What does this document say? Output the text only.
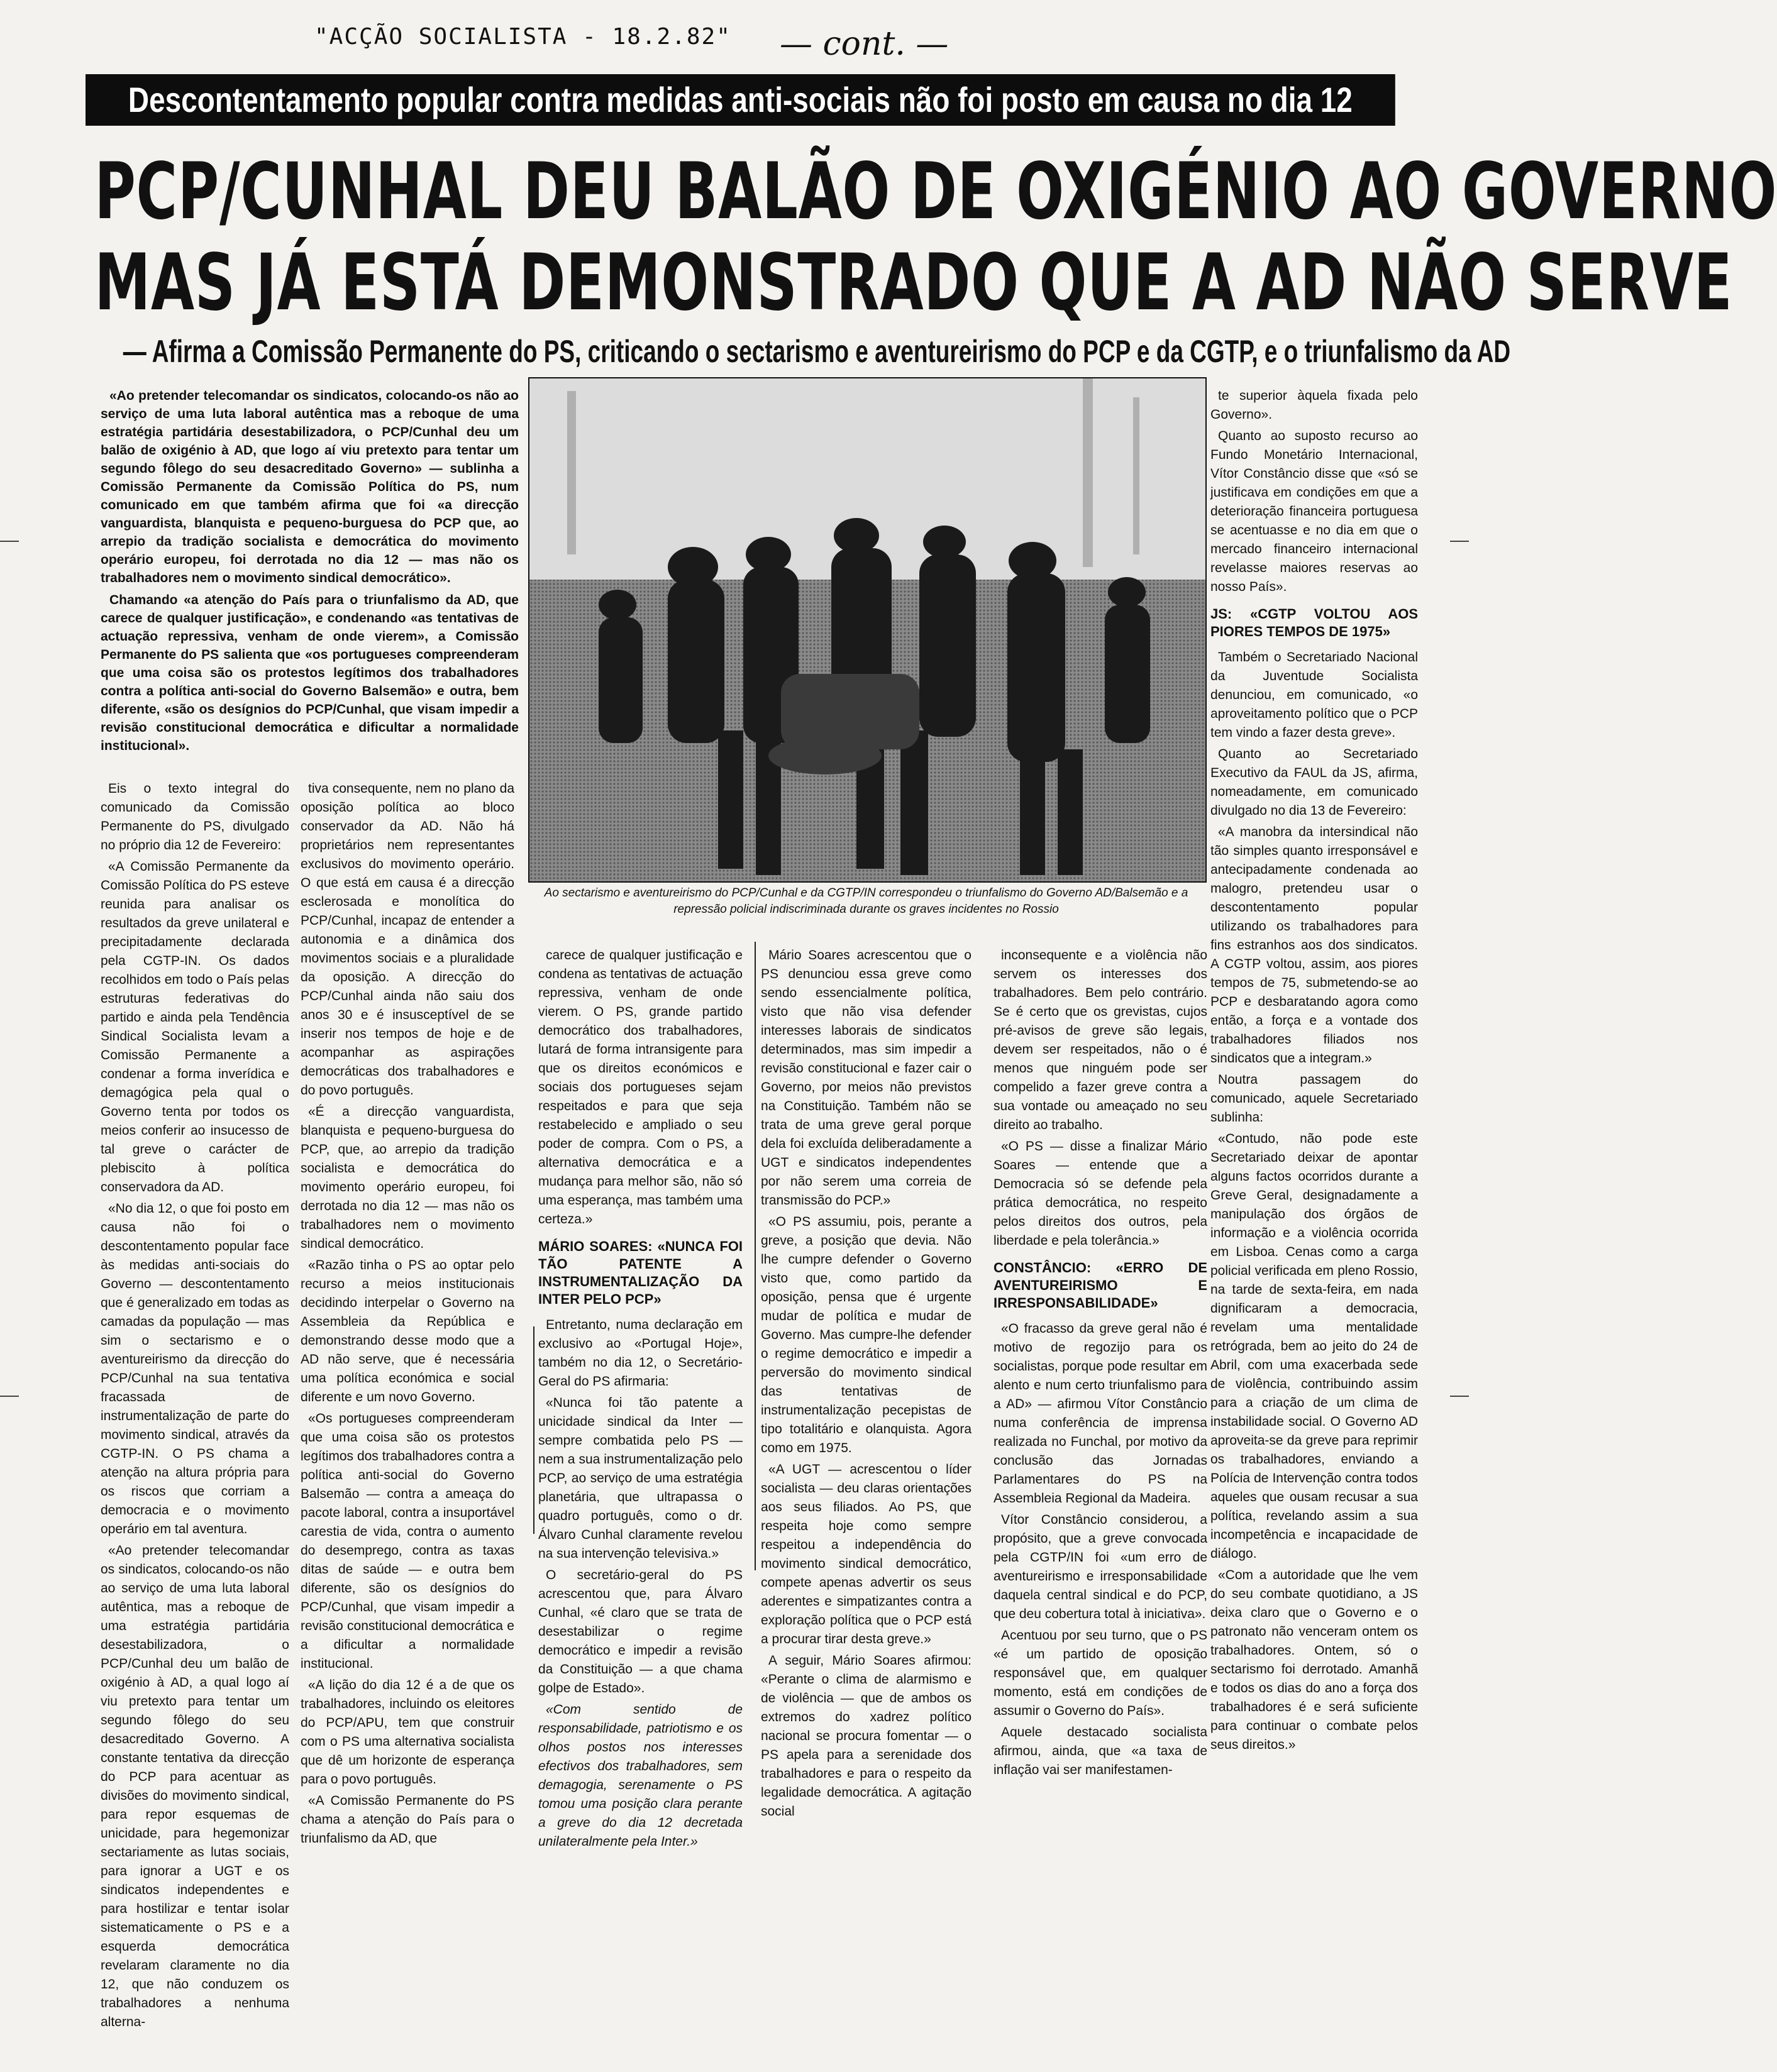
"ACÇÃO SOCIALISTA - 18.2.82" — cont. —
Descontentamento popular contra medidas anti-sociais não foi posto em causa no dia 12
PCP/CUNHAL DEU BALÃO DE OXIGÉNIO AO GOVERNO
MAS JÁ ESTÁ DEMONSTRADO QUE A AD NÃO SERVE
— Afirma a Comissão Permanente do PS, criticando o sectarismo e aventureirismo do PCP e da CGTP, e o triunfalismo da AD

«Ao pretender telecomandar os sindicatos, colocando-os não ao serviço de uma luta laboral autêntica mas a reboque de uma estratégia partidária desestabilizadora, o PCP/Cunhal deu um balão de oxigénio à AD, que logo aí viu pretexto para tentar um segundo fôlego do seu desacreditado Governo» — sublinha a Comissão Permanente da Comissão Política do PS, num comunicado em que também afirma que foi «a direcção vanguardista, blanquista e pequeno-burguesa do PCP que, ao arrepio da tradição socialista e democrática do movimento operário europeu, foi derrotada no dia 12 — mas não os trabalhadores nem o movimento sindical democrático».

Chamando «a atenção do País para o triunfalismo da AD, que carece de qualquer justificação», e condenando «as tentativas de actuação repressiva, venham de onde vierem», a Comissão Permanente do PS salienta que «os portugueses compreenderam que uma coisa são os protestos legítimos dos trabalhadores contra a política anti-social do Governo Balsemão» e outra, bem diferente, «são os desígnios do PCP/Cunhal, que visam impedir a revisão constitucional democrática e dificultar a normalidade institucional».

Ao sectarismo e aventureirismo do PCP/Cunhal e da CGTP/IN correspondeu o triunfalismo do Governo AD/Balsemão e a repressão policial indiscriminada durante os graves incidentes no Rossio

Eis o texto integral do comunicado da Comissão Permanente do PS, divulgado no próprio dia 12 de Fevereiro:

«A Comissão Permanente da Comissão Política do PS esteve reunida para analisar os resultados da greve unilateral e precipitadamente declarada pela CGTP-IN. Os dados recolhidos em todo o País pelas estruturas federativas do partido e ainda pela Tendência Sindical Socialista levam a Comissão Permanente a condenar a forma inverídica e demagógica pela qual o Governo tenta por todos os meios conferir ao insucesso de tal greve o carácter de plebiscito à política conservadora da AD.

«No dia 12, o que foi posto em causa não foi o descontentamento popular face às medidas anti-sociais do Governo — descontentamento que é generalizado em todas as camadas da população — mas sim o sectarismo e o aventureirismo da direcção do PCP/Cunhal na sua tentativa fracassada de instrumentalização de parte do movimento sindical, através da CGTP-IN. O PS chama a atenção na altura própria para os riscos que corriam a democracia e o movimento operário em tal aventura.

«Ao pretender telecomandar os sindicatos, colocando-os não ao serviço de uma luta laboral autêntica, mas a reboque de uma estratégia partidária desestabilizadora, o PCP/Cunhal deu um balão de oxigénio à AD, a qual logo aí viu pretexto para tentar um segundo fôlego do seu desacreditado Governo. A constante tentativa da direcção do PCP para acentuar as divisões do movimento sindical, para repor esquemas de unicidade, para hegemonizar sectariamente as lutas sociais, para ignorar a UGT e os sindicatos independentes e para hostilizar e tentar isolar sistematicamente o PS e a esquerda democrática revelaram claramente no dia 12, que não conduzem os trabalhadores a nenhuma alterna-

tiva consequente, nem no plano da oposição política ao bloco conservador da AD. Não há proprietários nem representantes exclusivos do movimento operário. O que está em causa é a direcção esclerosada e monolítica do PCP/Cunhal, incapaz de entender a autonomia e a dinâmica dos movimentos sociais e a pluralidade da oposição. A direcção do PCP/Cunhal ainda não saiu dos anos 30 e é insusceptível de se inserir nos tempos de hoje e de acompanhar as aspirações democráticas dos trabalhadores e do povo português.

«É a direcção vanguardista, blanquista e pequeno-burguesa do PCP, que, ao arrepio da tradição socialista e democrática do movimento operário europeu, foi derrotada no dia 12 — mas não os trabalhadores nem o movimento sindical democrático.

«Razão tinha o PS ao optar pelo recurso a meios institucionais decidindo interpelar o Governo na Assembleia da República e demonstrando desse modo que a AD não serve, que é necessária uma política económica e social diferente e um novo Governo.

«Os portugueses compreenderam que uma coisa são os protestos legítimos dos trabalhadores contra a política anti-social do Governo Balsemão — contra a ameaça do pacote laboral, contra a insuportável carestia de vida, contra o aumento do desemprego, contra as taxas ditas de saúde — e outra bem diferente, são os desígnios do PCP/Cunhal, que visam impedir a revisão constitucional democrática e a dificultar a normalidade institucional.

«A lição do dia 12 é a de que os trabalhadores, incluindo os eleitores do PCP/APU, tem que construir com o PS uma alternativa socialista que dê um horizonte de esperança para o povo português.

«A Comissão Permanente do PS chama a atenção do País para o triunfalismo da AD, que

carece de qualquer justificação e condena as tentativas de actuação repressiva, venham de onde vierem. O PS, grande partido democrático dos trabalhadores, lutará de forma intransigente para que os direitos económicos e sociais dos portugueses sejam respeitados e para que seja restabelecido e ampliado o seu poder de compra. Com o PS, a alternativa democrática e a mudança para melhor são, não só uma esperança, mas também uma certeza.»

MÁRIO SOARES: «NUNCA FOI TÃO PATENTE A INSTRUMENTALIZAÇÃO DA INTER PELO PCP»

Entretanto, numa declaração em exclusivo ao «Portugal Hoje», também no dia 12, o Secretário-Geral do PS afirmaria:

«Nunca foi tão patente a unicidade sindical da Inter — sempre combatida pelo PS — nem a sua instrumentalização pelo PCP, ao serviço de uma estratégia planetária, que ultrapassa o quadro português, como o dr. Álvaro Cunhal claramente revelou na sua intervenção televisiva.»

O secretário-geral do PS acrescentou que, para Álvaro Cunhal, «é claro que se trata de desestabilizar o regime democrático e impedir a revisão da Constituição — a que chama golpe de Estado».

«Com sentido de responsabilidade, patriotismo e os olhos postos nos interesses efectivos dos trabalhadores, sem demagogia, serenamente o PS tomou uma posição clara perante a greve do dia 12 decretada unilateralmente pela Inter.»

Mário Soares acrescentou que o PS denunciou essa greve como sendo essencialmente política, visto que não visa defender interesses laborais de sindicatos determinados, mas sim impedir a revisão constitucional e fazer cair o Governo, por meios não previstos na Constituição. Também não se trata de uma greve geral porque dela foi excluída deliberadamente a UGT e sindicatos independentes por não serem uma correia de transmissão do PCP.»

«O PS assumiu, pois, perante a greve, a posição que devia. Não lhe cumpre defender o Governo visto que, como partido da oposição, pensa que é urgente mudar de política e mudar de Governo. Mas cumpre-lhe defender o regime democrático e impedir a perversão do movimento sindical das tentativas de instrumentalização pecepistas de tipo totalitário e olanquista. Agora como em 1975.

«A UGT — acrescentou o líder socialista — deu claras orientações aos seus filiados. Ao PS, que respeita hoje como sempre respeitou a independência do movimento sindical democrático, compete apenas advertir os seus aderentes e simpatizantes contra a exploração política que o PCP está a procurar tirar desta greve.»

A seguir, Mário Soares afirmou: «Perante o clima de alarmismo e de violência — que de ambos os extremos do xadrez político nacional se procura fomentar — o PS apela para a serenidade dos trabalhadores e para o respeito da legalidade democrática. A agitação social

inconsequente e a violência não servem os interesses dos trabalhadores. Bem pelo contrário. Se é certo que os grevistas, cujos pré-avisos de greve são legais, devem ser respeitados, não o é menos que ninguém pode ser compelido a fazer greve contra a sua vontade ou ameaçado no seu direito ao trabalho.

«O PS — disse a finalizar Mário Soares — entende que a Democracia só se defende pela prática democrática, no respeito pelos direitos dos outros, pela liberdade e pela tolerância.»

CONSTÂNCIO: «ERRO DE AVENTUREIRISMO E IRRESPONSABILIDADE»

«O fracasso da greve geral não é motivo de regozijo para os socialistas, porque pode resultar em alento e num certo triunfalismo para a AD» — afirmou Vítor Constâncio numa conferência de imprensa realizada no Funchal, por motivo da conclusão das Jornadas Parlamentares do PS na Assembleia Regional da Madeira.

Vítor Constâncio considerou, a propósito, que a greve convocada pela CGTP/IN foi «um erro de aventureirismo e irresponsabilidade daquela central sindical e do PCP, que deu cobertura total à iniciativa».

Acentuou por seu turno, que o PS «é um partido de oposição responsável que, em qualquer momento, está em condições de assumir o Governo do País».

Aquele destacado socialista afirmou, ainda, que «a taxa de inflação vai ser manifestamen-

te superior àquela fixada pelo Governo».

Quanto ao suposto recurso ao Fundo Monetário Internacional, Vítor Constâncio disse que «só se justificava em condições em que a deterioração financeira portuguesa se acentuasse e no dia em que o mercado financeiro internacional revelasse maiores reservas ao nosso País».

JS: «CGTP VOLTOU AOS PIORES TEMPOS DE 1975»

Também o Secretariado Nacional da Juventude Socialista denunciou, em comunicado, «o aproveitamento político que o PCP tem vindo a fazer desta greve».

Quanto ao Secretariado Executivo da FAUL da JS, afirma, nomeadamente, em comunicado divulgado no dia 13 de Fevereiro:

«A manobra da intersindical não tão simples quanto irresponsável e antecipadamente condenada ao malogro, pretendeu usar o descontentamento popular utilizando os trabalhadores para fins estranhos aos dos sindicatos. A CGTP voltou, assim, aos piores tempos de 75, submetendo-se ao PCP e desbaratando agora como então, a força e a vontade dos trabalhadores filiados nos sindicatos que a integram.»

Noutra passagem do comunicado, aquele Secretariado sublinha:

«Contudo, não pode este Secretariado deixar de apontar alguns factos ocorridos durante a Greve Geral, designadamente a manipulação dos órgãos de informação e a violência ocorrida em Lisboa. Cenas como a carga policial verificada em pleno Rossio, na tarde de sexta-feira, em nada dignificaram a democracia, revelam uma mentalidade retrógrada, bem ao jeito do 24 de Abril, com uma exacerbada sede de violência, contribuindo assim para a criação de um clima de instabilidade social. O Governo AD aproveita-se da greve para reprimir os trabalhadores, enviando a Polícia de Intervenção contra todos aqueles que ousam recusar a sua política, revelando assim a sua incompetência e incapacidade de diálogo.

«Com a autoridade que lhe vem do seu combate quotidiano, a JS deixa claro que o Governo e o patronato não venceram ontem os trabalhadores. Ontem, só o sectarismo foi derrotado. Amanhã e todos os dias do ano a força dos trabalhadores é e será suficiente para continuar o combate pelos seus direitos.»
